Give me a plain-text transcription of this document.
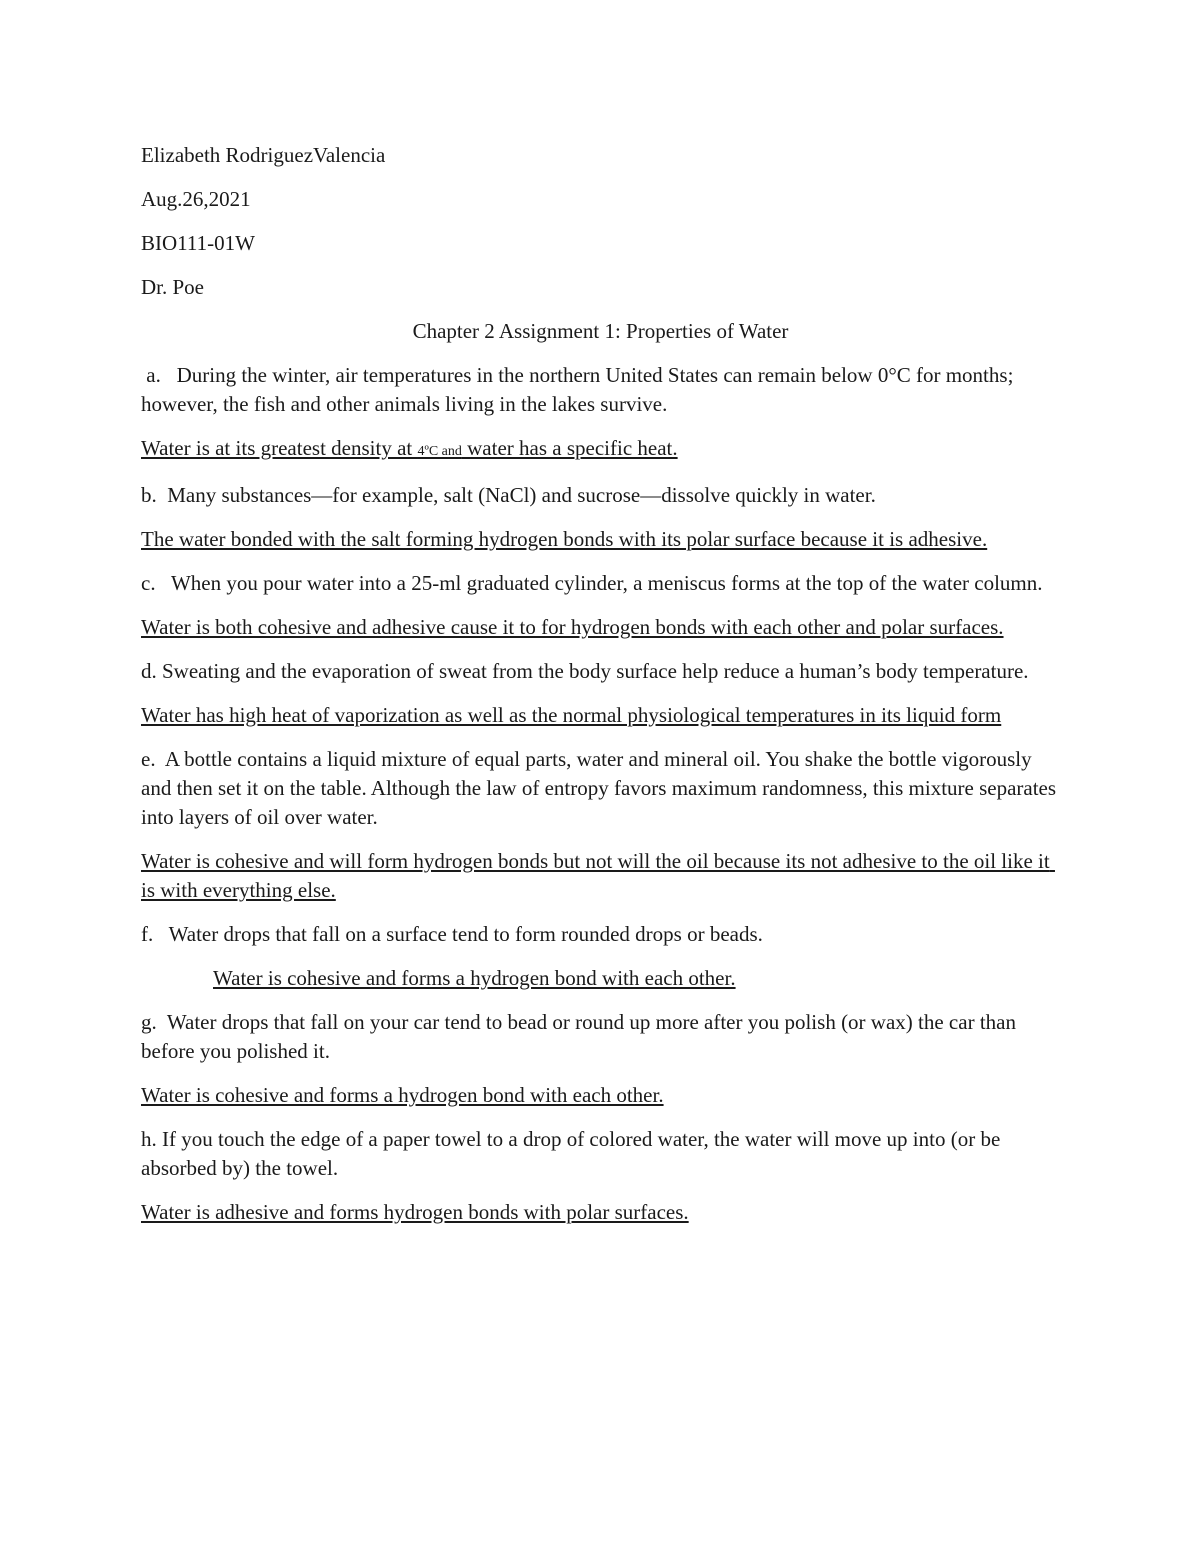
Elizabeth RodriguezValencia

Aug.26,2021

BIO111-01W

Dr. Poe

Chapter 2 Assignment 1: Properties of Water

a.   During the winter, air temperatures in the northern United States can remain below 0°C for months; however, the fish and other animals living in the lakes survive.

Water is at its greatest density at 4ºC and water has a specific heat.

b.  Many substances—for example, salt (NaCl) and sucrose—dissolve quickly in water.

The water bonded with the salt forming hydrogen bonds with its polar surface because it is adhesive.

c.   When you pour water into a 25-ml graduated cylinder, a meniscus forms at the top of the water column.

Water is both cohesive and adhesive cause it to for hydrogen bonds with each other and polar surfaces.

d. Sweating and the evaporation of sweat from the body surface help reduce a human’s body temperature.

Water has high heat of vaporization as well as the normal physiological temperatures in its liquid form

e.  A bottle contains a liquid mixture of equal parts, water and mineral oil. You shake the bottle vigorously and then set it on the table. Although the law of entropy favors maximum randomness, this mixture separates into layers of oil over water.

Water is cohesive and will form hydrogen bonds but not will the oil because its not adhesive to the oil like it is with everything else.

f.   Water drops that fall on a surface tend to form rounded drops or beads.

Water is cohesive and forms a hydrogen bond with each other.

g.  Water drops that fall on your car tend to bead or round up more after you polish (or wax) the car than before you polished it.

Water is cohesive and forms a hydrogen bond with each other.

h. If you touch the edge of a paper towel to a drop of colored water, the water will move up into (or be absorbed by) the towel.

Water is adhesive and forms hydrogen bonds with polar surfaces.
